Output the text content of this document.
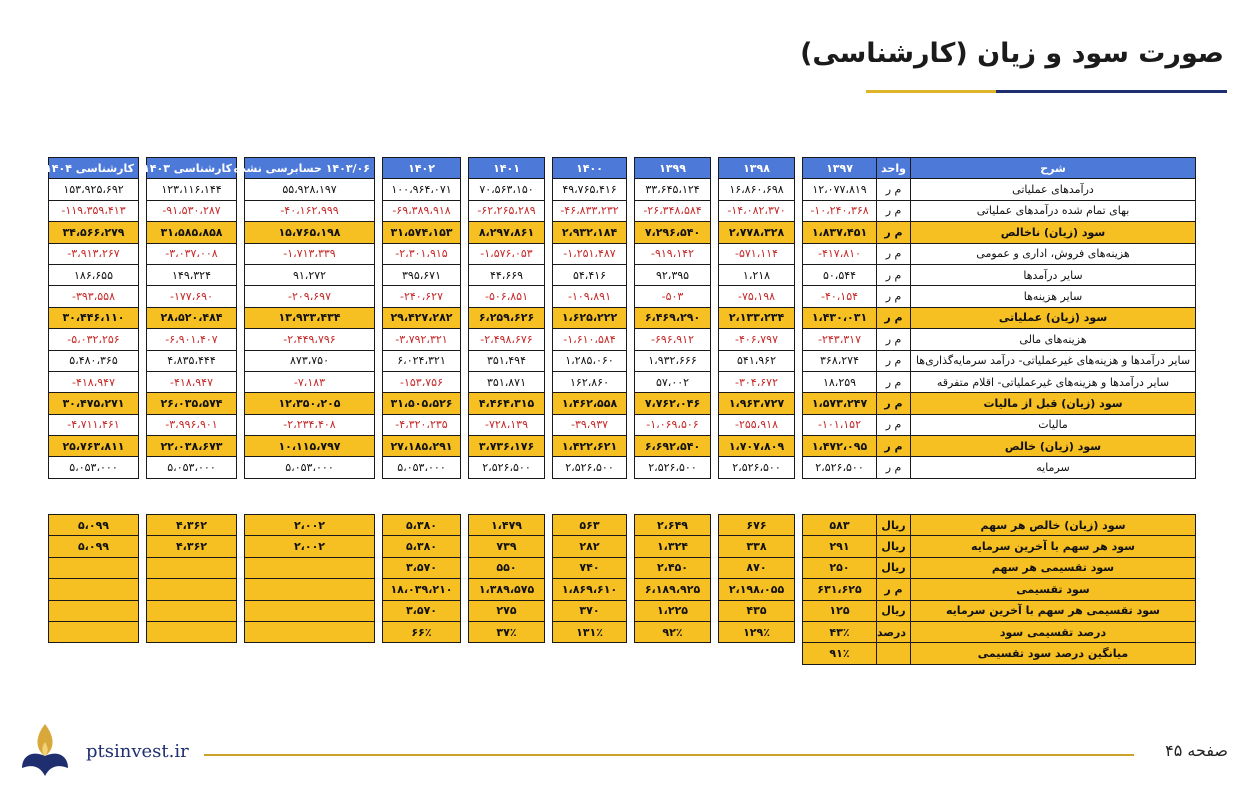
صورت سود و زیان (کارشناسی)
شرح	واحد	۱۳۹۷		۱۳۹۸		۱۳۹۹		۱۴۰۰		۱۴۰۱		۱۴۰۲		۱۴۰۳/۰۶ حسابرسی نشده		کارشناسی ۱۴۰۳		کارشناسی ۱۴۰۴
درآمدهای عملیاتی	م ر	۱۲،۰۷۷،۸۱۹		۱۶،۸۶۰،۶۹۸		۳۳،۶۴۵،۱۲۴		۴۹،۷۶۵،۴۱۶		۷۰،۵۶۳،۱۵۰		۱۰۰،۹۶۴،۰۷۱		۵۵،۹۲۸،۱۹۷		۱۲۳،۱۱۶،۱۴۴		۱۵۳،۹۲۵،۶۹۲
بهای تمام شده درآمدهای عملیاتی	م ر	-۱۰،۲۴۰،۳۶۸		-۱۴،۰۸۲،۳۷۰		-۲۶،۳۴۸،۵۸۴		-۴۶،۸۳۳،۲۳۲		-۶۲،۲۶۵،۲۸۹		-۶۹،۳۸۹،۹۱۸		-۴۰،۱۶۲،۹۹۹		-۹۱،۵۳۰،۲۸۷		-۱۱۹،۳۵۹،۴۱۳
سود (زیان) ناخالص	م ر	۱،۸۳۷،۴۵۱		۲،۷۷۸،۳۲۸		۷،۲۹۶،۵۴۰		۲،۹۳۲،۱۸۴		۸،۲۹۷،۸۶۱		۳۱،۵۷۴،۱۵۳		۱۵،۷۶۵،۱۹۸		۳۱،۵۸۵،۸۵۸		۳۴،۵۶۶،۲۷۹
هزینه‌های فروش، اداری و عمومی	م ر	-۴۱۷،۸۱۰		-۵۷۱،۱۱۴		-۹۱۹،۱۴۲		-۱،۲۵۱،۴۸۷		-۱،۵۷۶،۰۵۳		-۲،۳۰۱،۹۱۵		-۱،۷۱۳،۳۳۹		-۳،۰۳۷،۰۰۸		-۳،۹۱۳،۲۶۷
سایر درآمدها	م ر	۵۰،۵۴۴		۱،۲۱۸		۹۲،۳۹۵		۵۴،۴۱۶		۴۴،۶۶۹		۳۹۵،۶۷۱		۹۱،۲۷۲		۱۴۹،۳۲۴		۱۸۶،۶۵۵
سایر هزینه‌ها	م ر	-۴۰،۱۵۴		-۷۵،۱۹۸		-۵۰۳		-۱۰۹،۸۹۱		-۵۰۶،۸۵۱		-۲۴۰،۶۲۷		-۲۰۹،۶۹۷		-۱۷۷،۶۹۰		-۳۹۳،۵۵۸
سود (زیان) عملیاتی	م ر	۱،۴۳۰،۰۳۱		۲،۱۳۳،۲۳۴		۶،۴۶۹،۲۹۰		۱،۶۲۵،۲۲۲		۶،۲۵۹،۶۲۶		۲۹،۴۲۷،۲۸۲		۱۳،۹۳۳،۴۳۴		۲۸،۵۲۰،۴۸۴		۳۰،۴۴۶،۱۱۰
هزینه‌های مالی	م ر	-۲۴۳،۳۱۷		-۴۰۶،۷۹۷		-۶۹۶،۹۱۲		-۱،۶۱۰،۵۸۴		-۲،۴۹۸،۶۷۶		-۳،۷۹۲،۳۲۱		-۲،۴۴۹،۷۹۶		-۶،۹۰۱،۴۰۷		-۵،۰۳۲،۲۵۶
سایر درآمدها و هزینه‌های غیرعملیاتی- درآمد سرمایه‌گذاری‌ها	م ر	۳۶۸،۲۷۴		۵۴۱،۹۶۲		۱،۹۳۲،۶۶۶		۱،۲۸۵،۰۶۰		۳۵۱،۴۹۴		۶،۰۲۴،۳۲۱		۸۷۳،۷۵۰		۴،۸۳۵،۴۴۴		۵،۴۸۰،۳۶۵
سایر درآمدها و هزینه‌های غیرعملیاتی- اقلام متفرقه	م ر	۱۸،۲۵۹		-۳۰۴،۶۷۲		۵۷،۰۰۲		۱۶۲،۸۶۰		۳۵۱،۸۷۱		-۱۵۳،۷۵۶		-۷،۱۸۳		-۴۱۸،۹۴۷		-۴۱۸،۹۴۷
سود (زیان) قبل از مالیات	م ر	۱،۵۷۳،۲۴۷		۱،۹۶۳،۷۲۷		۷،۷۶۲،۰۴۶		۱،۴۶۲،۵۵۸		۴،۴۶۴،۳۱۵		۳۱،۵۰۵،۵۲۶		۱۲،۳۵۰،۲۰۵		۲۶،۰۳۵،۵۷۴		۳۰،۴۷۵،۲۷۱
مالیات	م ر	-۱۰۱،۱۵۲		-۲۵۵،۹۱۸		-۱،۰۶۹،۵۰۶		-۳۹،۹۳۷		-۷۲۸،۱۳۹		-۴،۳۲۰،۲۳۵		-۲،۲۳۴،۴۰۸		-۳،۹۹۶،۹۰۱		-۴،۷۱۱،۴۶۱
سود (زیان) خالص	م ر	۱،۴۷۲،۰۹۵		۱،۷۰۷،۸۰۹		۶،۶۹۲،۵۴۰		۱،۴۲۲،۶۲۱		۳،۷۳۶،۱۷۶		۲۷،۱۸۵،۲۹۱		۱۰،۱۱۵،۷۹۷		۲۲،۰۳۸،۶۷۳		۲۵،۷۶۳،۸۱۱
سرمایه	م ر	۲،۵۲۶،۵۰۰		۲،۵۲۶،۵۰۰		۲،۵۲۶،۵۰۰		۲،۵۲۶،۵۰۰		۲،۵۲۶،۵۰۰		۵،۰۵۳،۰۰۰		۵،۰۵۳،۰۰۰		۵،۰۵۳،۰۰۰		۵،۰۵۳،۰۰۰
سود (زیان) خالص هر سهم	ریال	۵۸۳		۶۷۶		۲،۶۴۹		۵۶۳		۱،۴۷۹		۵،۳۸۰		۲،۰۰۲		۴،۳۶۲		۵،۰۹۹
سود هر سهم با آخرین سرمایه	ریال	۲۹۱		۳۳۸		۱،۳۲۴		۲۸۲		۷۳۹		۵،۳۸۰		۲،۰۰۲		۴،۳۶۲		۵،۰۹۹
سود تقسیمی هر سهم	ریال	۲۵۰		۸۷۰		۲،۴۵۰		۷۴۰		۵۵۰		۳،۵۷۰						
سود تقسیمی	م ر	۶۳۱،۶۲۵		۲،۱۹۸،۰۵۵		۶،۱۸۹،۹۲۵		۱،۸۶۹،۶۱۰		۱،۳۸۹،۵۷۵		۱۸،۰۳۹،۲۱۰						
سود تقسیمی هر سهم با آخرین سرمایه	ریال	۱۲۵		۴۳۵		۱،۲۲۵		۳۷۰		۲۷۵		۳،۵۷۰						
درصد تقسیمی سود	درصد	۴۳٪		۱۲۹٪		۹۲٪		۱۳۱٪		۳۷٪		۶۶٪						
میانگین درصد سود تقسیمی		۹۱٪																
ptsinvest.ir	صفحه ۴۵
